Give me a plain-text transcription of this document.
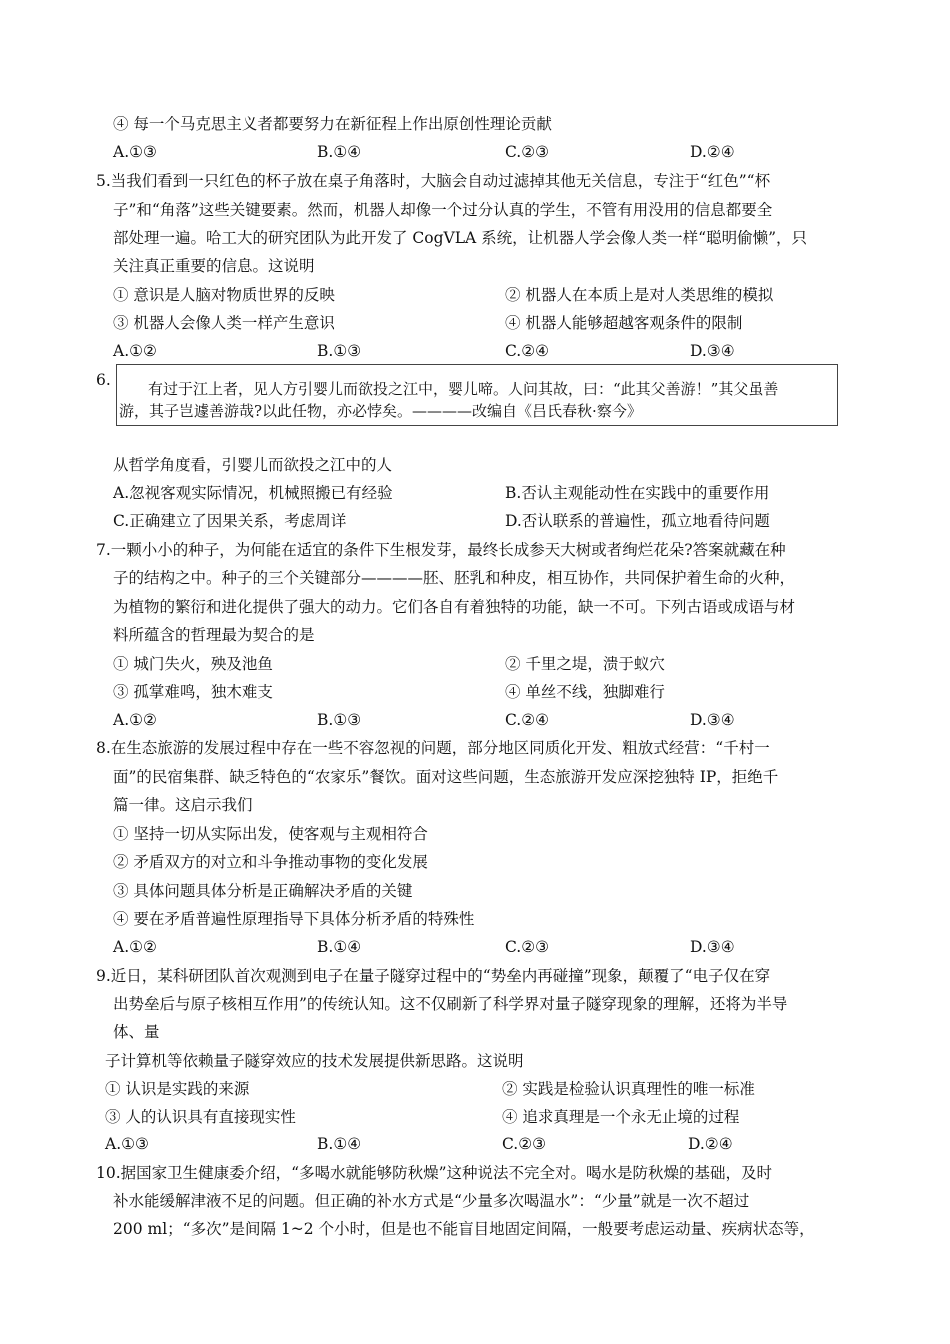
④ 每一个马克思主义者都要努力在新征程上作出原创性理论贡献
A.①③	B.①④	C.②③	D.②④
5.当我们看到一只红色的杯子放在桌子角落时，大脑会自动过滤掉其他无关信息，专注于“红色”“杯
子”和“角落”这些关键要素。然而，机器人却像一个过分认真的学生，不管有用没用的信息都要全
部处理一遍。哈工大的研究团队为此开发了 CogVLA 系统，让机器人学会像人类一样“聪明偷懒”，只
关注真正重要的信息。这说明
① 意识是人脑对物质世界的反映	② 机器人在本质上是对人类思维的模拟
③ 机器人会像人类一样产生意识	④ 机器人能够超越客观条件的限制
A.①②	B.①③	C.②④	D.③④
6. 有过于江上者，见人方引婴儿而欲投之江中，婴儿啼。人问其故，曰：“此其父善游！”其父虽善
游，其子岂遽善游哉?以此任物，亦必悖矣。————改编自《吕氏春秋·察今》
从哲学角度看，引婴儿而欲投之江中的人
A.忽视客观实际情况，机械照搬已有经验	B.否认主观能动性在实践中的重要作用
C.正确建立了因果关系，考虑周详	D.否认联系的普遍性，孤立地看待问题
7.一颗小小的种子，为何能在适宜的条件下生根发芽，最终长成参天大树或者绚烂花朵?答案就藏在种
子的结构之中。种子的三个关键部分————胚、胚乳和种皮，相互协作，共同保护着生命的火种，
为植物的繁衍和进化提供了强大的动力。它们各自有着独特的功能，缺一不可。下列古语或成语与材
料所蕴含的哲理最为契合的是
① 城门失火，殃及池鱼	② 千里之堤，溃于蚁穴
③ 孤掌难鸣，独木难支	④ 单丝不线，独脚难行
A.①②	B.①③	C.②④	D.③④
8.在生态旅游的发展过程中存在一些不容忽视的问题，部分地区同质化开发、粗放式经营：“千村一
面”的民宿集群、缺乏特色的“农家乐”餐饮。面对这些问题，生态旅游开发应深挖独特 IP，拒绝千
篇一律。这启示我们
① 坚持一切从实际出发，使客观与主观相符合
② 矛盾双方的对立和斗争推动事物的变化发展
③ 具体问题具体分析是正确解决矛盾的关键
④ 要在矛盾普遍性原理指导下具体分析矛盾的特殊性
A.①②	B.①④	C.②③	D.③④
9.近日，某科研团队首次观测到电子在量子隧穿过程中的“势垒内再碰撞”现象，颠覆了“电子仅在穿
出势垒后与原子核相互作用”的传统认知。这不仅刷新了科学界对量子隧穿现象的理解，还将为半导
体、量
子计算机等依赖量子隧穿效应的技术发展提供新思路。这说明
① 认识是实践的来源	② 实践是检验认识真理性的唯一标准
③ 人的认识具有直接现实性	④ 追求真理是一个永无止境的过程
A.①③	B.①④	C.②③	D.②④
10.据国家卫生健康委介绍，“多喝水就能够防秋燥”这种说法不完全对。喝水是防秋燥的基础，及时
补水能缓解津液不足的问题。但正确的补水方式是“少量多次喝温水”：“少量”就是一次不超过
200 ml；“多次”是间隔 1~2 个小时，但是也不能盲目地固定间隔，一般要考虑运动量、疾病状态等，
